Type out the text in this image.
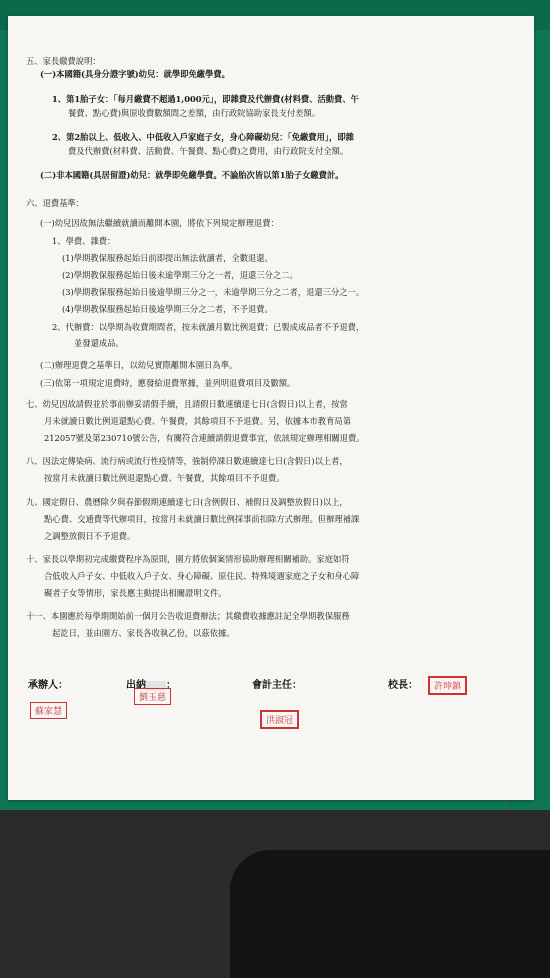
五、家長繳費說明：
(一)本國籍(具身分證字號)幼兒：就學即免繳學費。
1、第1胎子女：「每月繳費不超過1,000元」，即雜費及代辦費(材料費、活動費、午
餐費、點心費)與原收費數額間之差額，由行政院協助家長支付差額。
2、第2胎以上、低收入、中低收入戶家庭子女，身心障礙幼兒：「免繳費用」，即雜
費及代辦費(材料費、活動費、午餐費、點心費)之費用，由行政院支付全額。
(二)非本國籍(具居留證)幼兒：就學即免繳學費。不論胎次皆以第1胎子女繳費計。
六、退費基準：
(一)幼兒因故無法繼續就讀而離開本園，將依下列規定辦理退費：
1、學費、雜費：
(1)學期教保服務起始日前即提出無法就讀者，全數退還。
(2)學期教保服務起始日後未逾學期三分之一者，退還三分之二。
(3)學期教保服務起始日後逾學期三分之一，未逾學期三分之二者，退還三分之一。
(4)學期教保服務起始日後逾學期三分之二者，不予退費。
2、代辦費：以學期為收費期間者，按未就讀月數比例退費；已製成成品者不予退費，
並發還成品。
(二)辦理退費之基準日，以幼兒實際離開本園日為準。
(三)依第一項規定退費時，應發給退費單據，並列明退費項目及數額。
七、幼兒因故請假並於事前辦妥請假手續，且請假日數連續達七日(含假日)以上者，按當
月未就讀日數比例退還點心費、午餐費，其餘項目不予退費。另，依據本市教育局第
212057號及第230710號公告，有關符合連續請假退費事宜，依該規定辦理相關退費。
八、因法定傳染病、流行病或流行性疫情等，強制停課日數連續達七日(含假日)以上者，
按當月未就讀日數比例退還點心費、午餐費，其餘項目不予退費。
九、國定假日、農曆除夕與春節假期連續達七日(含例假日、補假日及調整放假日)以上，
點心費、交通費等代辦項目，按當月未就讀日數比例採事前扣除方式辦理。但辦理補課
之調整放假日不予退費。
十、家長以學期初完成繳費程序為原則，園方將依個案情形協助辦理相關補助。家庭如符
合低收入戶子女、中低收入戶子女、身心障礙、原住民、特殊境遇家庭之子女和身心障
礙者子女等情形，家長應主動提出相關證明文件。
十一、本園應於每學期開始前一個月公告收退費辦法；其繳費收據應註記全學期教保服務
起訖日，並由園方、家長各收執乙份，以茲依據。
承辦人：	出納 ：	會計主任：	校長：
蘇家慧
劉玉慈
洪淑冠
許坤鎮
2
